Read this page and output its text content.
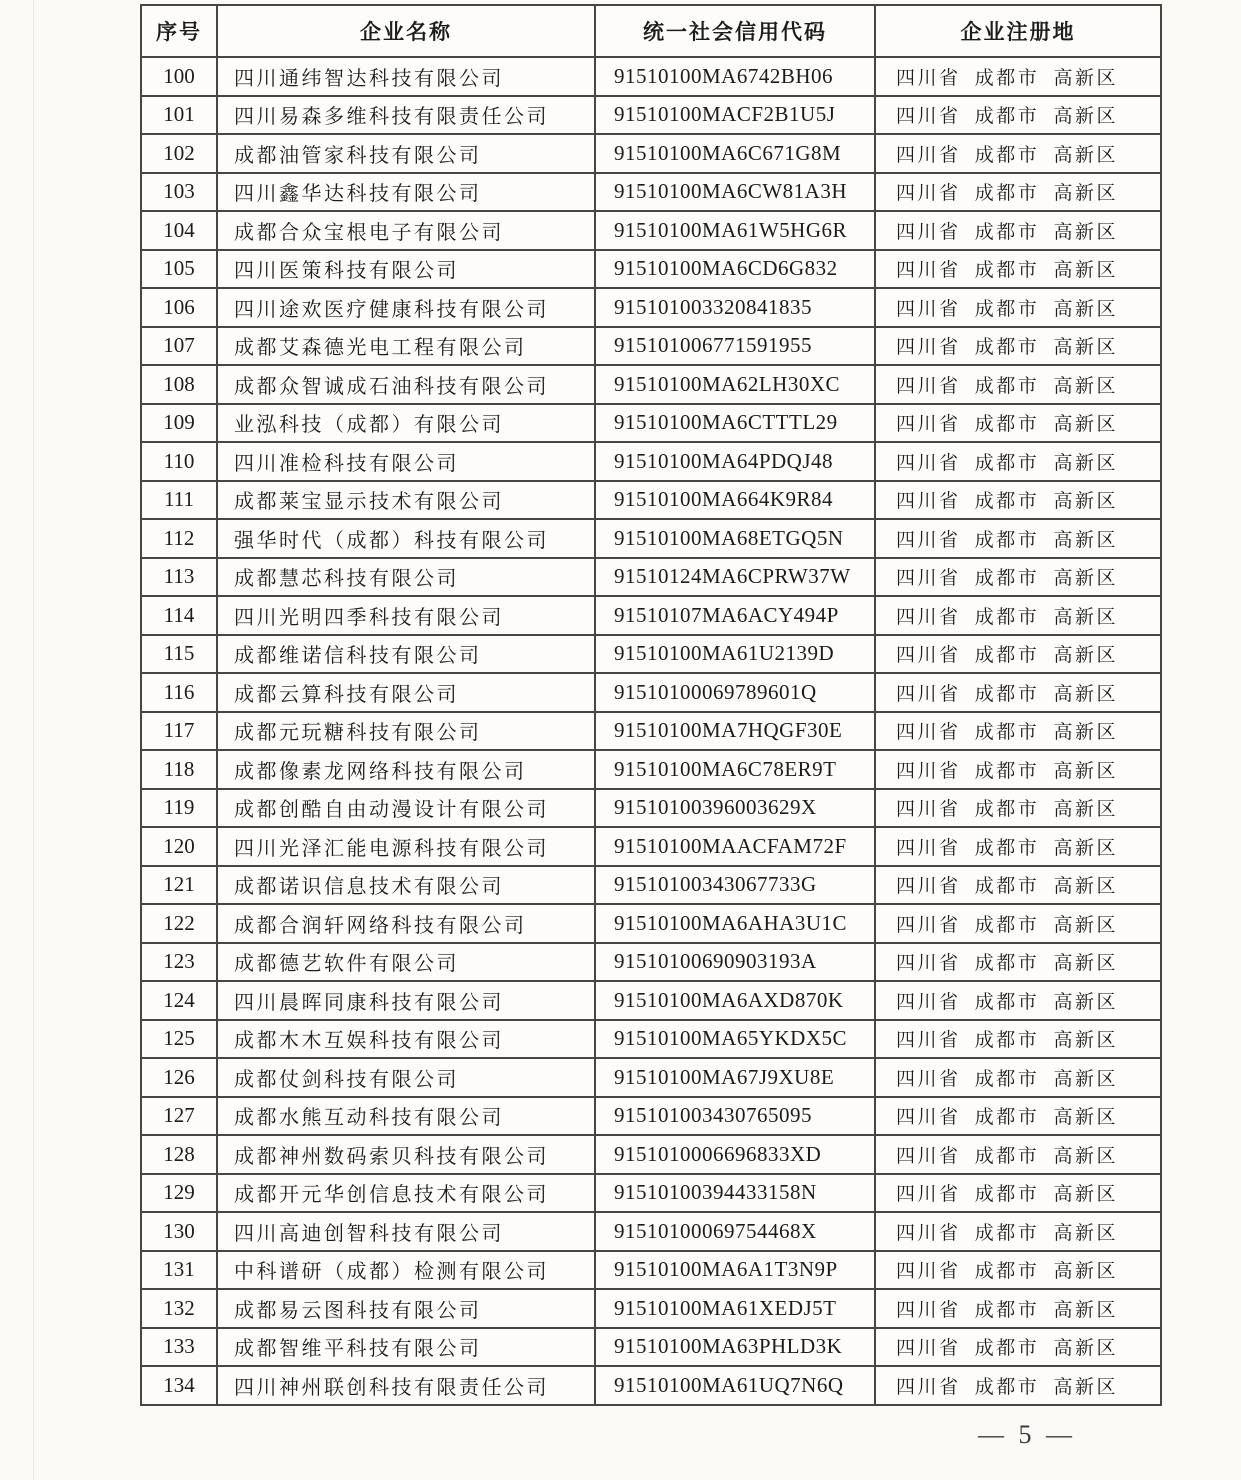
序号	企业名称	统一社会信用代码	企业注册地
100	四川通纬智达科技有限公司	91510100MA6742BH06	四川省 成都市 高新区
101	四川易森多维科技有限责任公司	91510100MACF2B1U5J	四川省 成都市 高新区
102	成都油管家科技有限公司	91510100MA6C671G8M	四川省 成都市 高新区
103	四川鑫华达科技有限公司	91510100MA6CW81A3H	四川省 成都市 高新区
104	成都合众宝根电子有限公司	91510100MA61W5HG6R	四川省 成都市 高新区
105	四川医策科技有限公司	91510100MA6CD6G832	四川省 成都市 高新区
106	四川途欢医疗健康科技有限公司	915101003320841835	四川省 成都市 高新区
107	成都艾森德光电工程有限公司	915101006771591955	四川省 成都市 高新区
108	成都众智诚成石油科技有限公司	91510100MA62LH30XC	四川省 成都市 高新区
109	业泓科技（成都）有限公司	91510100MA6CTTTL29	四川省 成都市 高新区
110	四川准检科技有限公司	91510100MA64PDQJ48	四川省 成都市 高新区
111	成都莱宝显示技术有限公司	91510100MA664K9R84	四川省 成都市 高新区
112	强华时代（成都）科技有限公司	91510100MA68ETGQ5N	四川省 成都市 高新区
113	成都慧芯科技有限公司	91510124MA6CPRW37W	四川省 成都市 高新区
114	四川光明四季科技有限公司	91510107MA6ACY494P	四川省 成都市 高新区
115	成都维诺信科技有限公司	91510100MA61U2139D	四川省 成都市 高新区
116	成都云算科技有限公司	91510100069789601Q	四川省 成都市 高新区
117	成都元玩糖科技有限公司	91510100MA7HQGF30E	四川省 成都市 高新区
118	成都像素龙网络科技有限公司	91510100MA6C78ER9T	四川省 成都市 高新区
119	成都创酷自由动漫设计有限公司	91510100396003629X	四川省 成都市 高新区
120	四川光泽汇能电源科技有限公司	91510100MAACFAM72F	四川省 成都市 高新区
121	成都诺识信息技术有限公司	91510100343067733G	四川省 成都市 高新区
122	成都合润轩网络科技有限公司	91510100MA6AHA3U1C	四川省 成都市 高新区
123	成都德艺软件有限公司	91510100690903193A	四川省 成都市 高新区
124	四川晨晖同康科技有限公司	91510100MA6AXD870K	四川省 成都市 高新区
125	成都木木互娱科技有限公司	91510100MA65YKDX5C	四川省 成都市 高新区
126	成都仗剑科技有限公司	91510100MA67J9XU8E	四川省 成都市 高新区
127	成都水熊互动科技有限公司	915101003430765095	四川省 成都市 高新区
128	成都神州数码索贝科技有限公司	9151010006696833XD	四川省 成都市 高新区
129	成都开元华创信息技术有限公司	91510100394433158N	四川省 成都市 高新区
130	四川高迪创智科技有限公司	91510100069754468X	四川省 成都市 高新区
131	中科谱研（成都）检测有限公司	91510100MA6A1T3N9P	四川省 成都市 高新区
132	成都易云图科技有限公司	91510100MA61XEDJ5T	四川省 成都市 高新区
133	成都智维平科技有限公司	91510100MA63PHLD3K	四川省 成都市 高新区
134	四川神州联创科技有限责任公司	91510100MA61UQ7N6Q	四川省 成都市 高新区
— 5 —
